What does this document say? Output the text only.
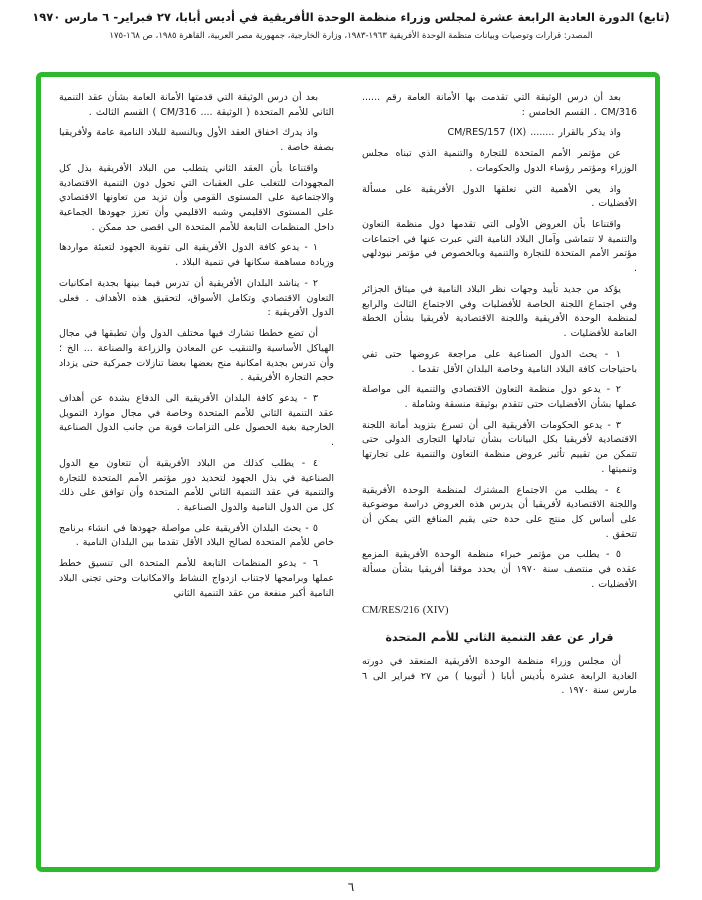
(تابع) الدورة العادية الرابعة عشرة لمجلس وزراء منظمة الوحدة الأفريقية في أديس أبابا، ٢٧ فبراير- ٦ مارس ١٩٧٠
المصدر: قرارات وتوصيات وبيانات منظمة الوحدة الأفريقية ١٩٦٣-١٩٨٣، وزارة الخارجية، جمهورية مصر العربية، القاهرة ١٩٨٥، ص ١٦٨-١٧٥

بعد أن درس الوثيقة التي تقدمت بها الأمانة العامة رقم ...... CM/316 . القسم الخامس :

واذ يذكر بالقرار ........ CM/RES/157 (IX)

عن مؤتمر الأمم المتحدة للتجارة والتنمية الذي تبناه مجلس الوزراء ومؤتمر رؤساء الدول والحكومات .

واذ يعي الأهمية التي تعلقها الدول الأفريقية على مسألة الأفضليات .

واقتناعا بأن العروض الأولى التي تقدمها دول منظمة التعاون والتنمية لا تتماشى وآمال البلاد النامية التي عبرت عنها في اجتماعات مؤتمر الأمم المتحدة للتجارة والتنمية وبالخصوص في مؤتمر نيودلهي .

يؤكد من جديد تأييد وجهات نظر البلاد النامية في ميثاق الجزائر وفي اجتماع اللجنة الخاصة للأفضليات وفي الاجتماع الثالث والرابع لمنظمة الوحدة الأفريقية واللجنة الاقتصادية لأفريقيا بشأن الخطة العامة للأفضليات .

١ - يحث الدول الصناعية على مراجعة عروضها حتى تفي باحتياجات كافة البلاد النامية وخاصة البلدان الأقل تقدما .

٢ - يدعو دول منظمة التعاون الاقتصادي والتنمية الى مواصلة عملها بشأن الأفضليات حتى تتقدم بوثيقة منسقة وشاملة .

٣ - يدعو الحكومات الأفريقية الى أن تسرع بتزويد أمانة اللجنة الاقتصادية لأفريقيا بكل البيانات بشأن تبادلها التجارى الدولى حتى تتمكن من تقييم تأثير عروض منظمة التعاون والتنمية على تجارتها وتنميتها .

٤ - يطلب من الاجتماع المشترك لمنظمة الوحدة الأفريقية واللجنة الاقتصادية لأفريقيا أن يدرس هذه العروض دراسة موضوعية على أساس كل منتج على حدة حتى يقيم المنافع التي يمكن أن تتحقق .

٥ - يطلب من مؤتمر خبراء منظمة الوحدة الأفريقية المزمع عقده في منتصف سنة ١٩٧٠ أن يحدد موقفا أفريقيا بشأن مسألة الأفضليات .

CM/RES/216 (XIV)

قرار عن عقد التنمية الثاني للأمم المتحدة

أن مجلس وزراء منظمة الوحدة الأفريقية المنعقد في دورته العادية الرابعة عشرة بأديس أبابا ( أثيوبيا ) من ٢٧ فبراير الى ٦ مارس سنة ١٩٧٠ .

بعد أن درس الوثيقة التي قدمتها الأمانة العامة بشأن عقد التنمية الثاني للأمم المتحدة ( الوثيقة .... CM/316 ) القسم الثالث .

واذ يدرك اخفاق العقد الأول وبالنسبة للبلاد النامية عامة ولأفريقيا بصفة خاصة .

واقتناعا بأن العقد الثاني يتطلب من البلاد الأفريقية بذل كل المجهودات للتغلب على العقبات التي تحول دون التنمية الاقتصادية والاجتماعية على المستوى القومي وأن تزيد من تعاونها الاقتصادي على المستوى الاقليمي وشبه الاقليمي وأن تعزز جهودها الجماعية داخل المنظمات التابعة للأمم المتحدة الى اقصى حد ممكن .

١ - يدعو كافة الدول الأفريقية الى تقوية الجهود لتعبئة مواردها وزيادة مساهمة سكانها في تنمية البلاد .

٢ - يناشد البلدان الأفريقية أن تدرس فيما بينها بجدية امكانيات التعاون الاقتصادي وتكامل الأسواق، لتحقيق هذه الأهداف . فعلى الدول الأفريقية :

أن تضع خططا تشارك فيها مختلف الدول وأن تطبقها في مجال الهياكل الأساسية والتنقيب عن المعادن والزراعة والصناعة ... الخ ؛ وأن تدرس بجدية امكانية منح بعضها بعضا تنازلات جمركية حتى يزداد حجم التجارة الأفريقية .

٣ - يدعو كافة البلدان الأفريقية الى الدفاع بشدة عن أهداف عقد التنمية الثاني للأمم المتحدة وخاصة في مجال موارد التمويل الخارجية بغية الحصول على التزامات قوية من جانب الدول الصناعية .

٤ - يطلب كذلك من البلاد الأفريقية أن تتعاون مع الدول الصناعية في بذل الجهود لتحديد دور مؤتمر الأمم المتحدة للتجارة والتنمية في عقد التنمية الثاني للأمم المتحدة وأن توافق على ذلك كل من الدول النامية والدول الصناعية .

٥ - يحث البلدان الأفريقية على مواصلة جهودها في انشاء برنامج خاص للأمم المتحدة لصالح البلاد الأقل تقدما بين البلدان النامية .

٦ - يدعو المنظمات التابعة للأمم المتحدة الى تنسيق خطط عملها وبرامجها لاجتناب ازدواج النشاط والامكانيات وحتى تجنى البلاد النامية أكبر منفعة من عقد التنمية الثاني

٦
